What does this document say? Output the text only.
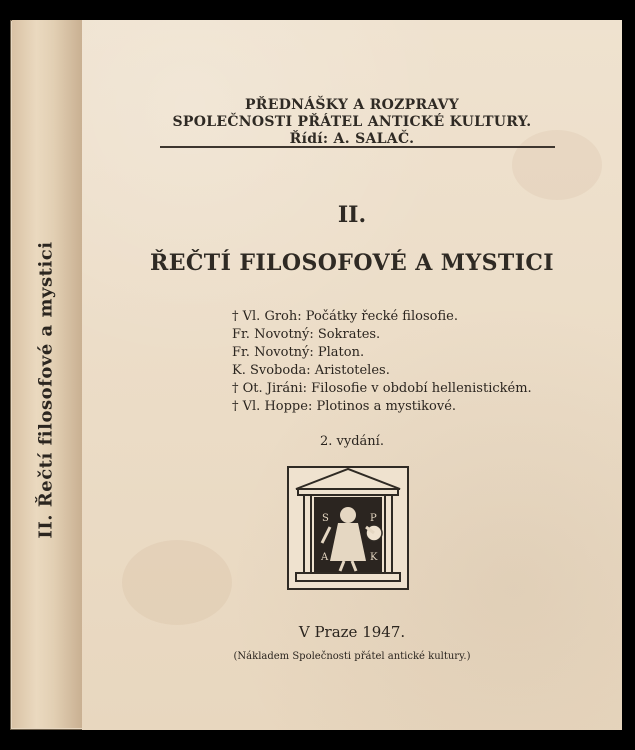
II. Řečtí filosofové a mystici
PŘEDNÁŠKY A ROZPRAVY
SPOLEČNOSTI PŘÁTEL ANTICKÉ KULTURY.
Řídí: A. SALAČ.
II.
ŘEČTÍ FILOSOFOVÉ A MYSTICI
† Vl. Groh: Počátky řecké filosofie.
Fr. Novotný: Sokrates.
Fr. Novotný: Platon.
K. Svoboda: Aristoteles.
† Ot. Jiráni: Filosofie v období hellenistickém.
† Vl. Hoppe: Plotinos a mystikové.
2. vydání.
S
A
P
K
V Praze 1947.
(Nákladem Společnosti přátel antické kultury.)
